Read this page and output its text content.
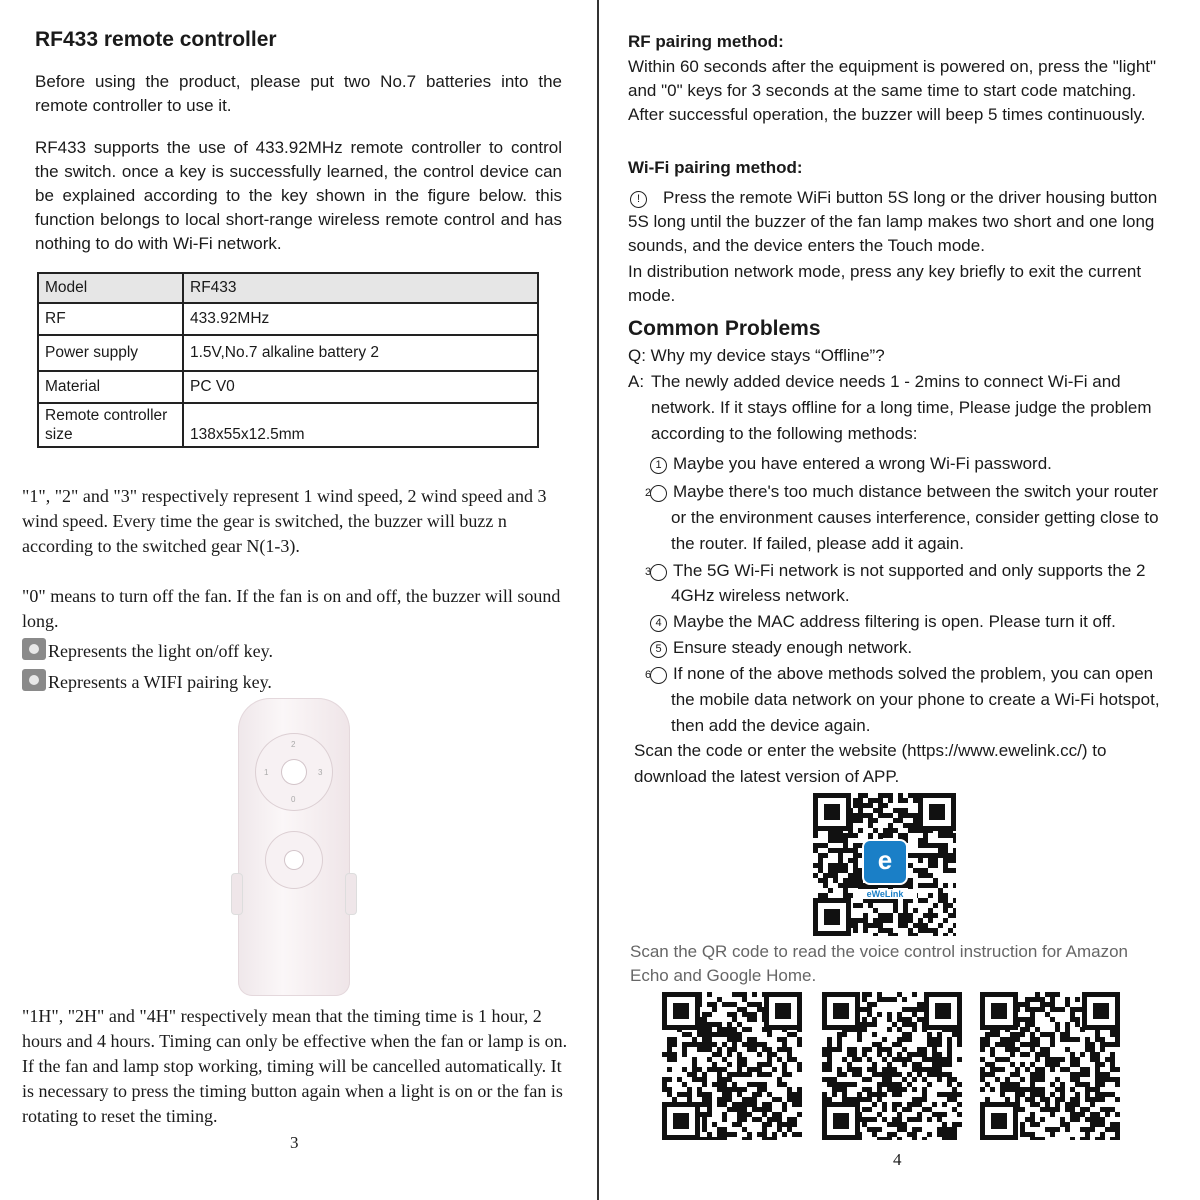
RF433 remote controller
Before using the product, please put two No.7 batteries into the remote controller to use it.
RF433 supports the use of 433.92MHz remote controller to control the switch. once a key is successfully learned, the control device can be explained according to the key shown in the figure below. this function belongs to local short-range wireless remote control and has nothing to do with Wi-Fi network.
Model	RF433
RF	433.92MHz
Power supply	1.5V,No.7 alkaline battery 2
Material	PC V0
Remote controller size	138x55x12.5mm
"1", "2" and "3" respectively represent 1 wind speed, 2 wind speed and 3 wind speed. Every time the gear is switched, the buzzer will buzz n according to the switched gear N(1-3).
"0" means to turn off the fan. If the fan is on and off, the buzzer will sound long.
Represents the light on/off key.
Represents a WIFI pairing key.
2
1	3
0
"1H", "2H" and "4H" respectively mean that the timing time is 1 hour, 2 hours and 4 hours. Timing can only be effective when the fan or lamp is on. If the fan and lamp stop working, timing will be cancelled automatically. It is necessary to press the timing button again when a light is on or the fan is rotating to reset the timing.
3
RF pairing method:
Within 60 seconds after the equipment is powered on, press the "light" and "0" keys for 3 seconds at the same time to start code matching. After successful operation, the buzzer will beep 5 times continuously.
Wi-Fi pairing method:
! Press the remote WiFi button 5S long or the driver housing button 5S long until the buzzer of the fan lamp makes two short and one long sounds, and the device enters the Touch mode.
In distribution network mode, press any key briefly to exit the current mode.
Common Problems
Q: Why my device stays “Offline”?
A: The newly added device needs 1 - 2mins to connect Wi-Fi and network. If it stays offline for a long time, Please judge the problem according to the following methods:
1 Maybe you have entered a wrong Wi-Fi password.
2 Maybe there's too much distance between the switch your router or the environment causes interference, consider getting close to the router. If failed, please add it again.
3 The 5G Wi-Fi network is not supported and only supports the 2 4GHz wireless network.
4 Maybe the MAC address filtering is open. Please turn it off.
5 Ensure steady enough network.
6 If none of the above methods solved the problem, you can open the mobile data network on your phone to create a Wi-Fi hotspot, then add the device again.
Scan the code or enter the website (https://www.ewelink.cc/) to download the latest version of APP.
e
eWeLink
Scan the QR code to read the voice control instruction for Amazon Echo and Google Home.
4
